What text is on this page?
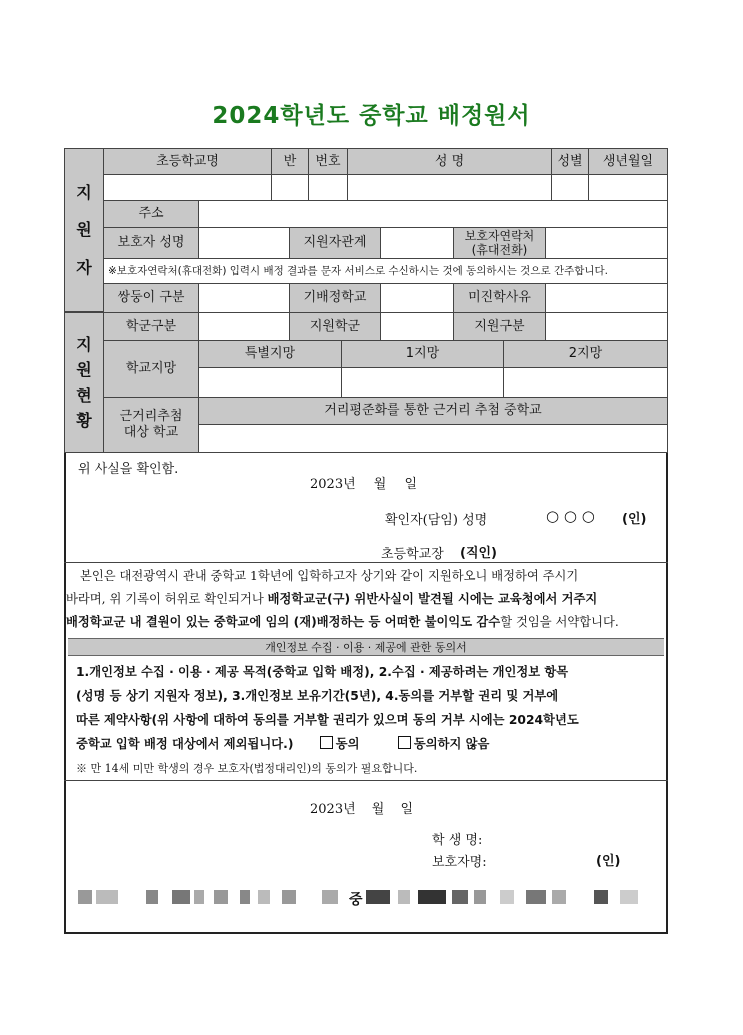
2024학년도 중학교 배정원서
지
원
자
초등학교명	반	번호	성 명	성별	생년월일
주소
보호자 성명	지원자관계	보호자연락처
(휴대전화)
※보호자연락처(휴대전화) 입력시 배정 결과를 문자 서비스로 수신하시는 것에 동의하시는 것으로 간주합니다.
쌍둥이 구분	기배정학교	미진학사유
지
원
현
황
학군구분	지원학군	지원구분
학교지망
특별지망	1지망	2지망
근거리추첨
대상 학교
거리평준화를 통한 근거리 추첨 중학교
위 사실을 확인함.
2023년 월 일
확인자(담임) 성명	○ ○ ○ (인)
초등학교장 (직인)
본인은 대전광역시 관내 중학교 1학년에 입학하고자 상기와 같이 지원하오니 배정하여 주시기
바라며, 위 기록이 허위로 확인되거나 배정학교군(구) 위반사실이 발견될 시에는 교육청에서 거주지
배정학교군 내 결원이 있는 중학교에 임의 (재)배정하는 등 어떠한 불이익도 감수할 것임을 서약합니다.
개인정보 수집 · 이용 · 제공에 관한 동의서
1.개인정보 수집 · 이용 · 제공 목적(중학교 입학 배정), 2.수집 · 제공하려는 개인정보 항목
(성명 등 상기 지원자 정보), 3.개인정보 보유기간(5년), 4.동의를 거부할 권리 및 거부에
따른 제약사항(위 사항에 대하여 동의를 거부할 권리가 있으며 동의 거부 시에는 2024학년도
중학교 입학 배정 대상에서 제외됩니다.)	동의	동의하지 않음
※ 만 14세 미만 학생의 경우 보호자(법정대리인)의 동의가 필요합니다.
2023년 월 일
학 생 명:
보호자명:	(인)
중
